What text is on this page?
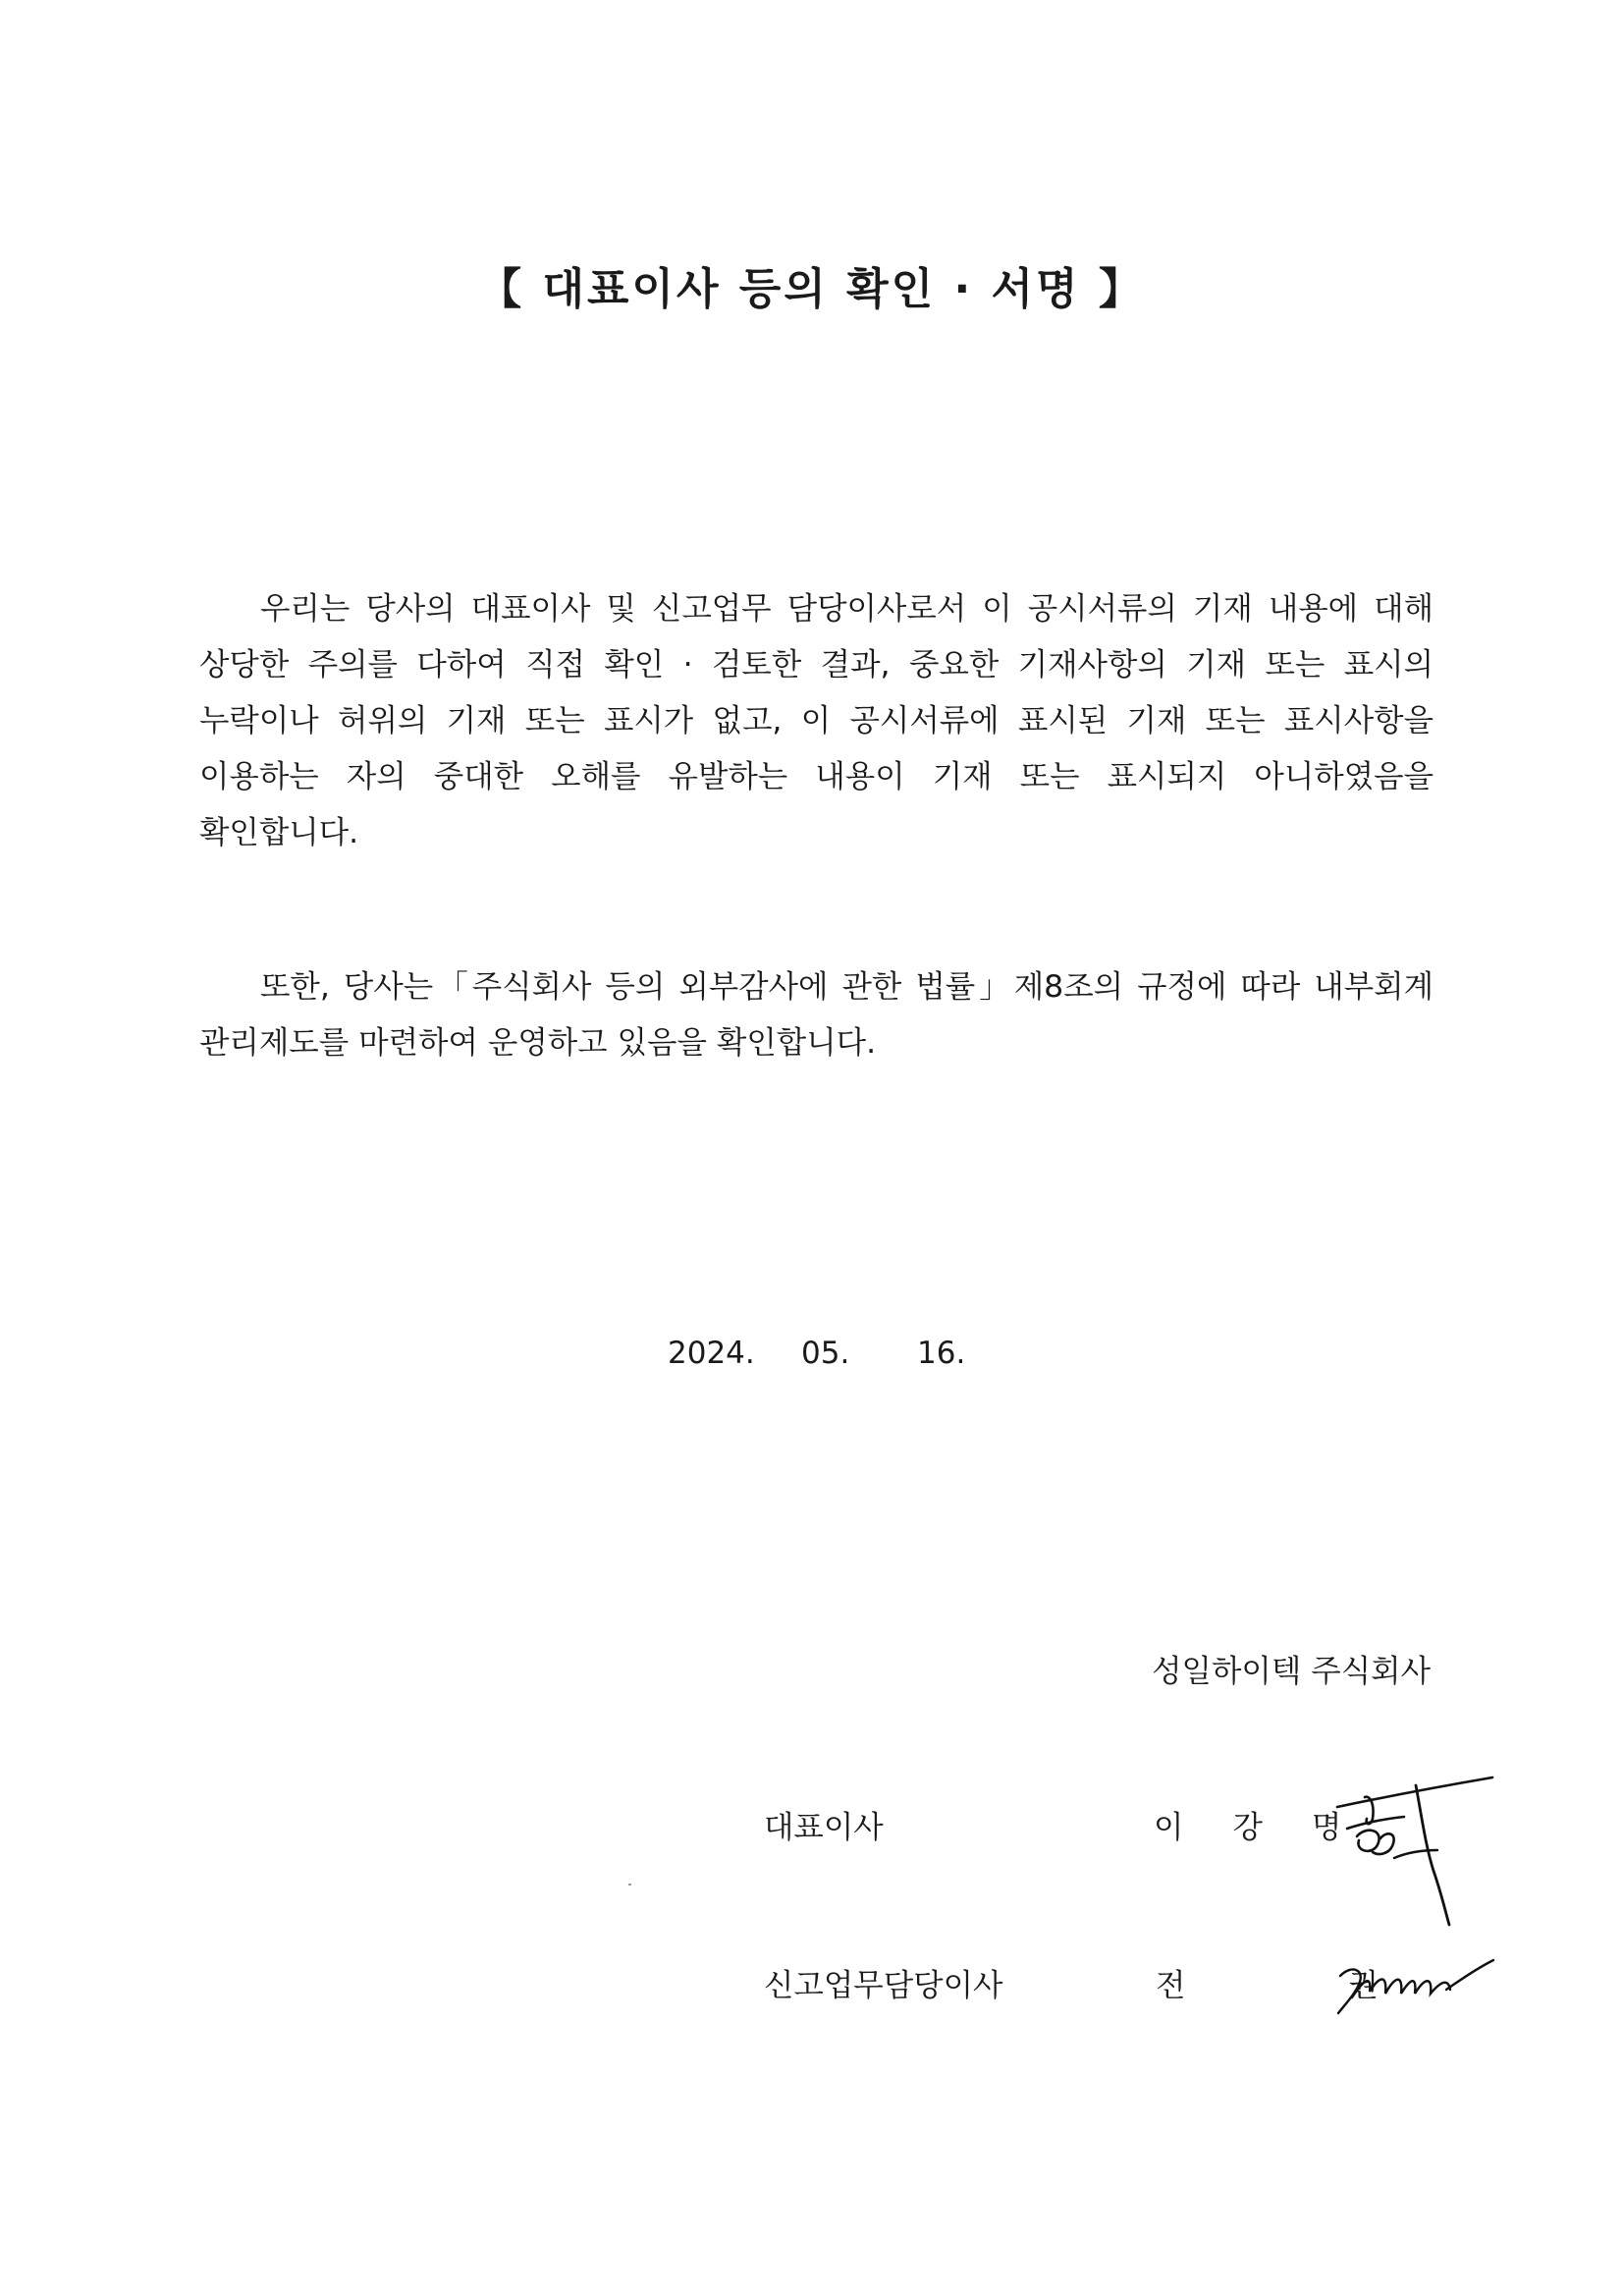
【 대표이사 등의 확인 · 서명 】

우리는 당사의 대표이사 및 신고업무 담당이사로서 이 공시서류의 기재 내용에 대해 상당한 주의를 다하여 직접 확인 · 검토한 결과, 중요한 기재사항의 기재 또는 표시의 누락이나 허위의 기재 또는 표시가 없고, 이 공시서류에 표시된 기재 또는 표시사항을 이용하는 자의 중대한 오해를 유발하는 내용이 기재 또는 표시되지 아니하였음을 확인합니다.

또한, 당사는「주식회사 등의 외부감사에 관한 법률」제8조의 규정에 따라 내부회계 관리제도를 마련하여 운영하고 있음을 확인합니다.

2024. 05. 16.
성일하이텍 주식회사
대표이사	이 강 명
신고업무담당이사	전 권
